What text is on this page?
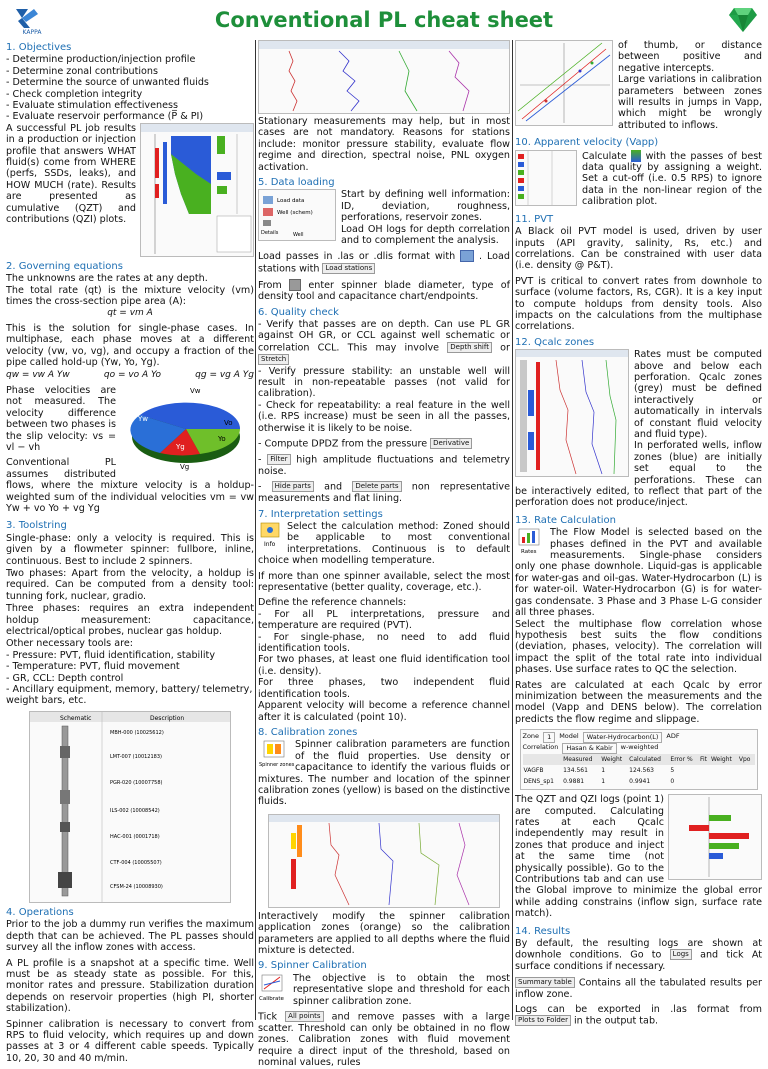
KAPPA
Conventional PL cheat sheet
1. Objectives
- Determine production/injection profile
- Determine zonal contributions
- Determine the source of unwanted fluids
- Check completion integrity
- Evaluate stimulation effectiveness
- Evaluate reservoir performance (P̅ & PI)

A successful PL job results in a production or injection profile that answers WHAT fluid(s) come from WHERE (perfs, SSDs, leaks), and HOW MUCH (rate). Results are presented as cumulative (QZT) and contributions (QZI) plots.

2. Governing equations

The unknowns are the rates at any depth.

The total rate (qt) is the mixture velocity (vm) times the cross-section pipe area (A):

qt = vm A

This is the solution for single-phase cases. In multiphase, each phase moves at a different velocity (vw, vo, vg), and occupy a fraction of the pipe called hold-up (Yw, Yo, Yg).

qw = vw A Yw	qo = vo A Yo	qg = vg A Yg
Yw
Vw
Vo
Yo
Yg
Vg

Phase velocities are not measured. The velocity difference between two phases is the slip velocity: vs = vl − vh

Conventional PL assumes distributed flows, where the mixture velocity is a holdup-weighted sum of the individual velocities vm = vw Yw + vo Yo + vg Yg

3. Toolstring

Single-phase: only a velocity is required. This is given by a flowmeter spinner: fullbore, inline, continuous. Best to include 2 spinners.

Two phases: Apart from the velocity, a holdup is required. Can be computed from a density tool: tunning fork, nuclear, gradio.

Three phases: requires an extra independent holdup measurement: capacitance, electrical/optical probes, nuclear gas holdup.

Other necessary tools are:
- Pressure: PVT, fluid identification, stability
- Temperature: PVT, fluid movement
- GR, CCL: Depth control
- Ancillary equipment, memory, battery/ telemetry, weight bars, etc.
Schematic	Description
MBH-000 (10025612)
LMT-007 (10012183)
PGR-020 (10007758)
ILS-002 (10008542)
HAC-001 (0001718)
CTF-004 (10005507)
CFSM-24 (10008930)
4. Operations

Prior to the job a dummy run verifies the maximum depth that can be achieved. The PL passes should survey all the inflow zones with access.

A PL profile is a snapshot at a specific time. Well must be as steady state as possible. For this, monitor rates and pressure. Stabilization duration depends on reservoir properties (high PI, shorter stabilization).

Spinner calibration is necessary to convert from RPS to fluid velocity, which requires up and down passes at 3 or 4 different cable speeds. Typically 10, 20, 30 and 40 m/min.

Stationary measurements may help, but in most cases are not mandatory. Reasons for stations include: monitor pressure stability, evaluate flow regime and direction, spectral noise, PNL oxygen activation.

5. Data loading
Load data
Well (schem)
Details	Well

Start by defining well information: ID, deviation, roughness, perforations, reservoir zones.

Load OH logs for depth correlation and to complement the analysis.

Load passes in .las or .dlis format with . Load stations with Load stations

From	enter spinner blade diameter, type of density tool and capacitance chart/endpoints.

6. Quality check

- Verify that passes are on depth. Can use PL GR against OH GR, or CCL against well schematic or correlation CCL. This may involve Depth shift or Stretch

- Verify pressure stability: an unstable well will result in non-repeatable passes (not valid for calibration).

- Check for repeatability: a real feature in the well (i.e. RPS increase) must be seen in all the passes, otherwise it is likely to be noise.

- Compute DPDZ from the pressure Derivative

- Filter high amplitude fluctuations and telemetry noise.

- Hide parts and Delete parts non representative measurements and flat lining.

7. Interpretation settings
Info

Select the calculation method: Zoned should be applicable to most conventional interpretations. Continuous is to default choice when modelling temperature.

If more than one spinner available, select the most representative (better quality, coverage, etc.).

Define the reference channels:

- For all PL interpretations, pressure and temperature are required (PVT).

- For single-phase, no need to add fluid identification tools.

For two phases, at least one fluid identification tool (i.e. density).

For three phases, two independent fluid identification tools.

Apparent velocity will become a reference channel after it is calculated (point 10).

8. Calibration zones
Spinner zones

Spinner calibration parameters are function of the fluid properties. Use density or capacitance to identify the various fluids or mixtures. The number and location of the spinner calibration zones (yellow) is based on the distinctive fluids.

Interactively modify the spinner calibration application zones (orange) so the calibration parameters are applied to all depths where the fluid mixture is detected.

9. Spinner Calibration
Calibrate

The objective is to obtain the most representative slope and threshold for each spinner calibration zone.

Tick All points and remove passes with a large scatter. Threshold can only be obtained in no flow zones. Calibration zones with fluid movement require a direct input of the threshold, based on nominal values, rules

of thumb, or distance between positive and negative intercepts.

Large variations in calibration parameters between zones will results in jumps in Vapp, which might be wrongly attributed to inflows.

10. Apparent velocity (Vapp)

Calculate with the passes of best data quality by assigning a weight. Set a cut-off (i.e. 0.5 RPS) to ignore data in the non-linear region of the calibration plot.

11. PVT

A Black oil PVT model is used, driven by user inputs (API gravity, salinity, Rs, etc.) and correlations. Can be constrained with user data (i.e. density @ P&T).

PVT is critical to convert rates from downhole to surface (volume factors, Rs, CGR). It is a key input to compute holdups from density tools. Also impacts on the calculations from the multiphase correlations.

12. Qcalc zones

Rates must be computed above and below each perforation. Qcalc zones (grey) must be defined interactively or automatically in intervals of constant fluid velocity and fluid type).

In perforated wells, inflow zones (blue) are initially set equal to the perforations. These can be interactively edited, to reflect that part of the perforation does not produce/inject.

13. Rate Calculation
Rates

The Flow Model is selected based on the phases defined in the PVT and available measurements. Single-phase considers only one phase downhole. Liquid-gas is applicable for water-gas and oil-gas. Water-Hydrocarbon (L) is for water-oil. Water-Hydrocarbon (G) is for water-gas condensate. 3 Phase and 3 Phase L-G consider all three phases.

Select the multiphase flow correlation whose hypothesis best suits the flow conditions (deviation, phases, velocity). The correlation will impact the split of the total rate into individual phases. Use surface rates to QC the selection.

Rates are calculated at each Qcalc by error minimization between the measurements and the model (Vapp and DENS below). The correlation predicts the flow regime and slippage.

Zone	1	Model	Water-Hydrocarbon(L)	ADF
Correlation	Hasan & Kabir	w-weighted
	Measured	Weight	Calculated	Error %	Fit	Weight	Vpo
VAGFB	134.561	1	124.563	5			
DENS_sp1	0.9881	1	0.9941	0			

The QZT and QZI logs (point 1) are computed. Calculating rates at each Qcalc independently may result in zones that produce and inject at the same time (not physically possible). Go to the Contributions tab and can use the Global improve to minimize the global error while adding constrains (inflow sign, surface rate match).

14. Results

By default, the resulting logs are shown at downhole conditions. Go to Logs and tick At surface conditions if necessary.

Summary table Contains all the tabulated results per inflow zone.

Logs can be exported in .las format from Plots to Folder in the output tab.
